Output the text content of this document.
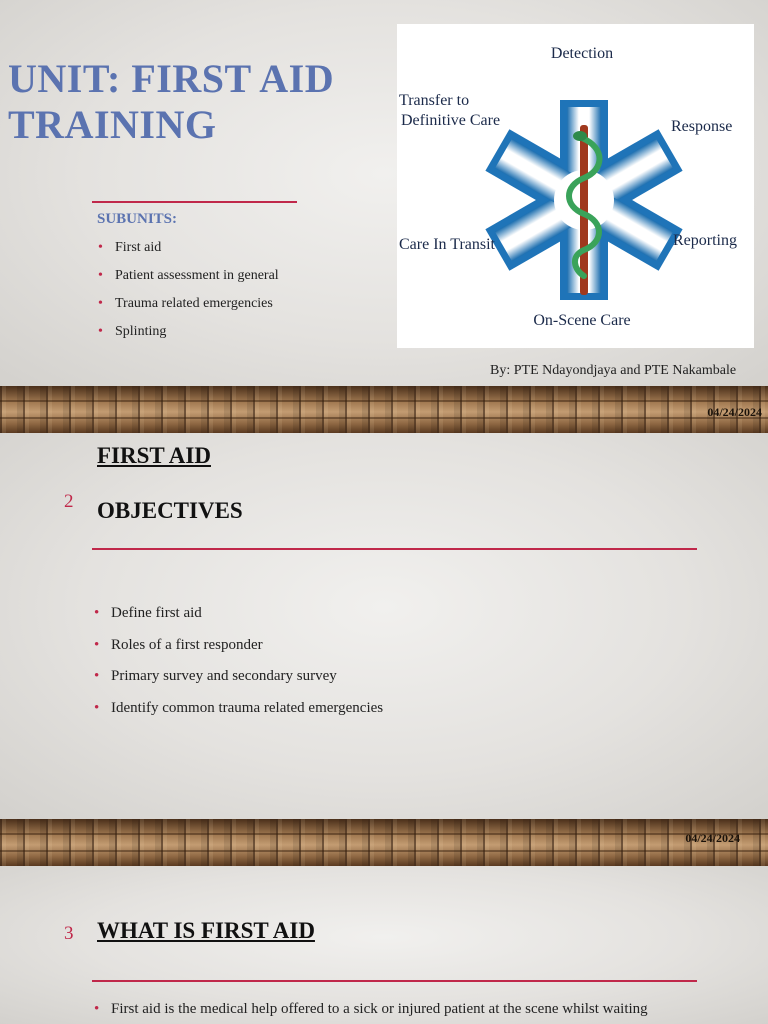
UNIT: FIRST AID
TRAINING
SUBUNITS:
• First aid
• Patient assessment in general
• Trauma related emergencies
• Splinting
Detection
Response
Reporting
On-Scene Care
Care In Transit
Transfer to
Definitive Care
By: PTE Ndayondjaya and PTE Nakambale
04/24/2024
FIRST AID
2 OBJECTIVES
• Define first aid
• Roles of a first responder
• Primary survey and secondary survey
• Identify common trauma related emergencies
04/24/2024
3 WHAT IS FIRST AID
• First aid is the medical help offered to a sick or injured patient at the scene whilst waiting
